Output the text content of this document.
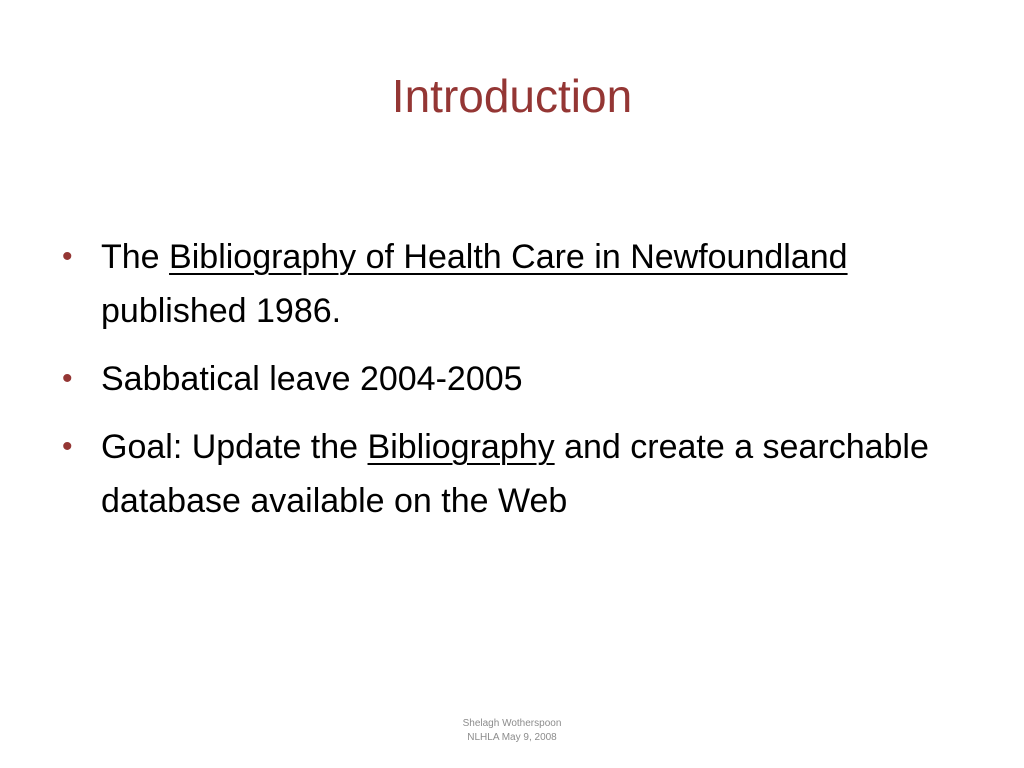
Introduction
• The Bibliography of Health Care in Newfoundland published 1986.
• Sabbatical leave 2004-2005
• Goal: Update the Bibliography and create a searchable database available on the Web
Shelagh Wotherspoon
NLHLA May 9, 2008
